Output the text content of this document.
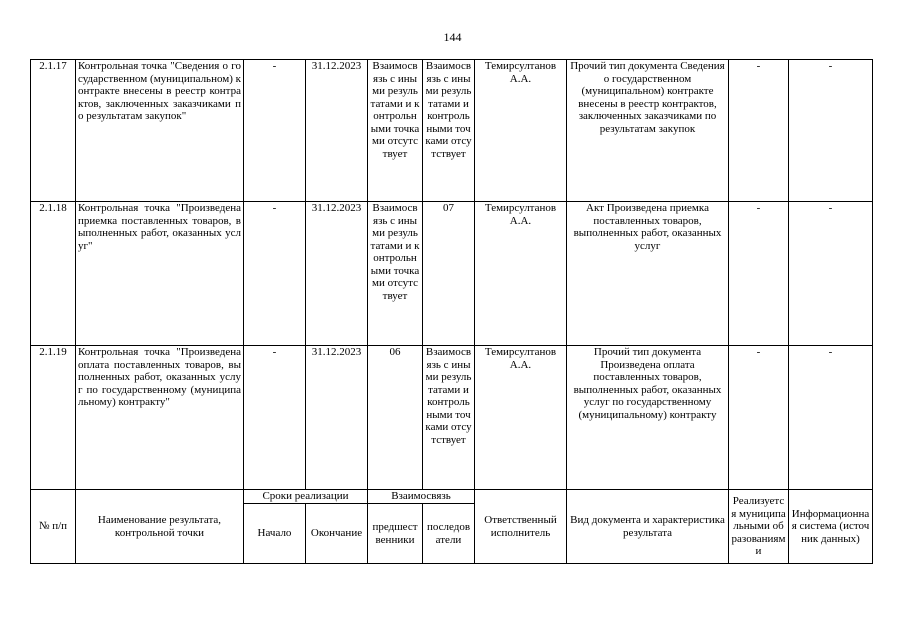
144
2.1.17	Контрольная точка "Сведения о государственном (муниципальном) контракте внесены в реестр контрактов, заключенных заказчиками по результатам закупок"	-	31.12.2023	Взаимосвязь с иными результатами и контрольными точками отсутствует	Взаимосвязь с иными результатами и контрольными точками отсутствует	Темирсултанов А.А.	Прочий тип документа Сведения о государственном (муниципальном) контракте внесены в реестр контрактов, заключенных заказчиками по результатам закупок	-	-
2.1.18	Контрольная точка "Произведена приемка поставленных товаров, выполненных работ, оказанных услуг"	-	31.12.2023	Взаимосвязь с иными результатами и контрольными точками отсутствует	07	Темирсултанов А.А.	Акт Произведена приемка поставленных товаров, выполненных работ, оказанных услуг	-	-
2.1.19	Контрольная точка "Произведена оплата поставленных товаров, выполненных работ, оказанных услуг по государственному (муниципальному) контракту"	-	31.12.2023	06	Взаимосвязь с иными результатами и контрольными точками отсутствует	Темирсултанов А.А.	Прочий тип документа Произведена оплата поставленных товаров, выполненных работ, оказанных услуг по государственному (муниципальному) контракту	-	-
№ п/п	Наименование результата, контрольной точки	Сроки реализации		Взаимосвязь		Ответственный исполнитель	Вид документа и характеристика результата	Реализуется муниципальными образованиями	Информационная система (источник данных)
		Начало	Окончание	предшественники	последователи				
